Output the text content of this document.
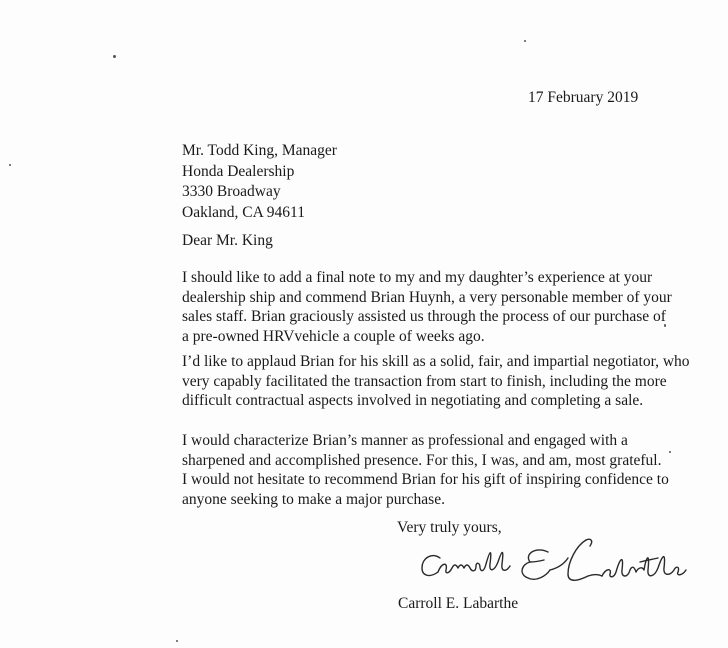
17 February 2019
Mr. Todd King, Manager
Honda Dealership
3330 Broadway
Oakland, CA 94611
Dear Mr. King
I should like to add a final note to my and my daughter’s experience at your
dealership ship and commend Brian Huynh, a very personable member of your
sales staff. Brian graciously assisted us through the process of our purchase of
a pre-owned HRVvehicle a couple of weeks ago.
I’d like to applaud Brian for his skill as a solid, fair, and impartial negotiator, who
very capably facilitated the transaction from start to finish, including the more
difficult contractual aspects involved in negotiating and completing a sale.
I would characterize Brian’s manner as professional and engaged with a
sharpened and accomplished presence. For this, I was, and am, most grateful.
I would not hesitate to recommend Brian for his gift of inspiring confidence to
anyone seeking to make a major purchase.
Very truly yours,
Carroll E. Labarthe
